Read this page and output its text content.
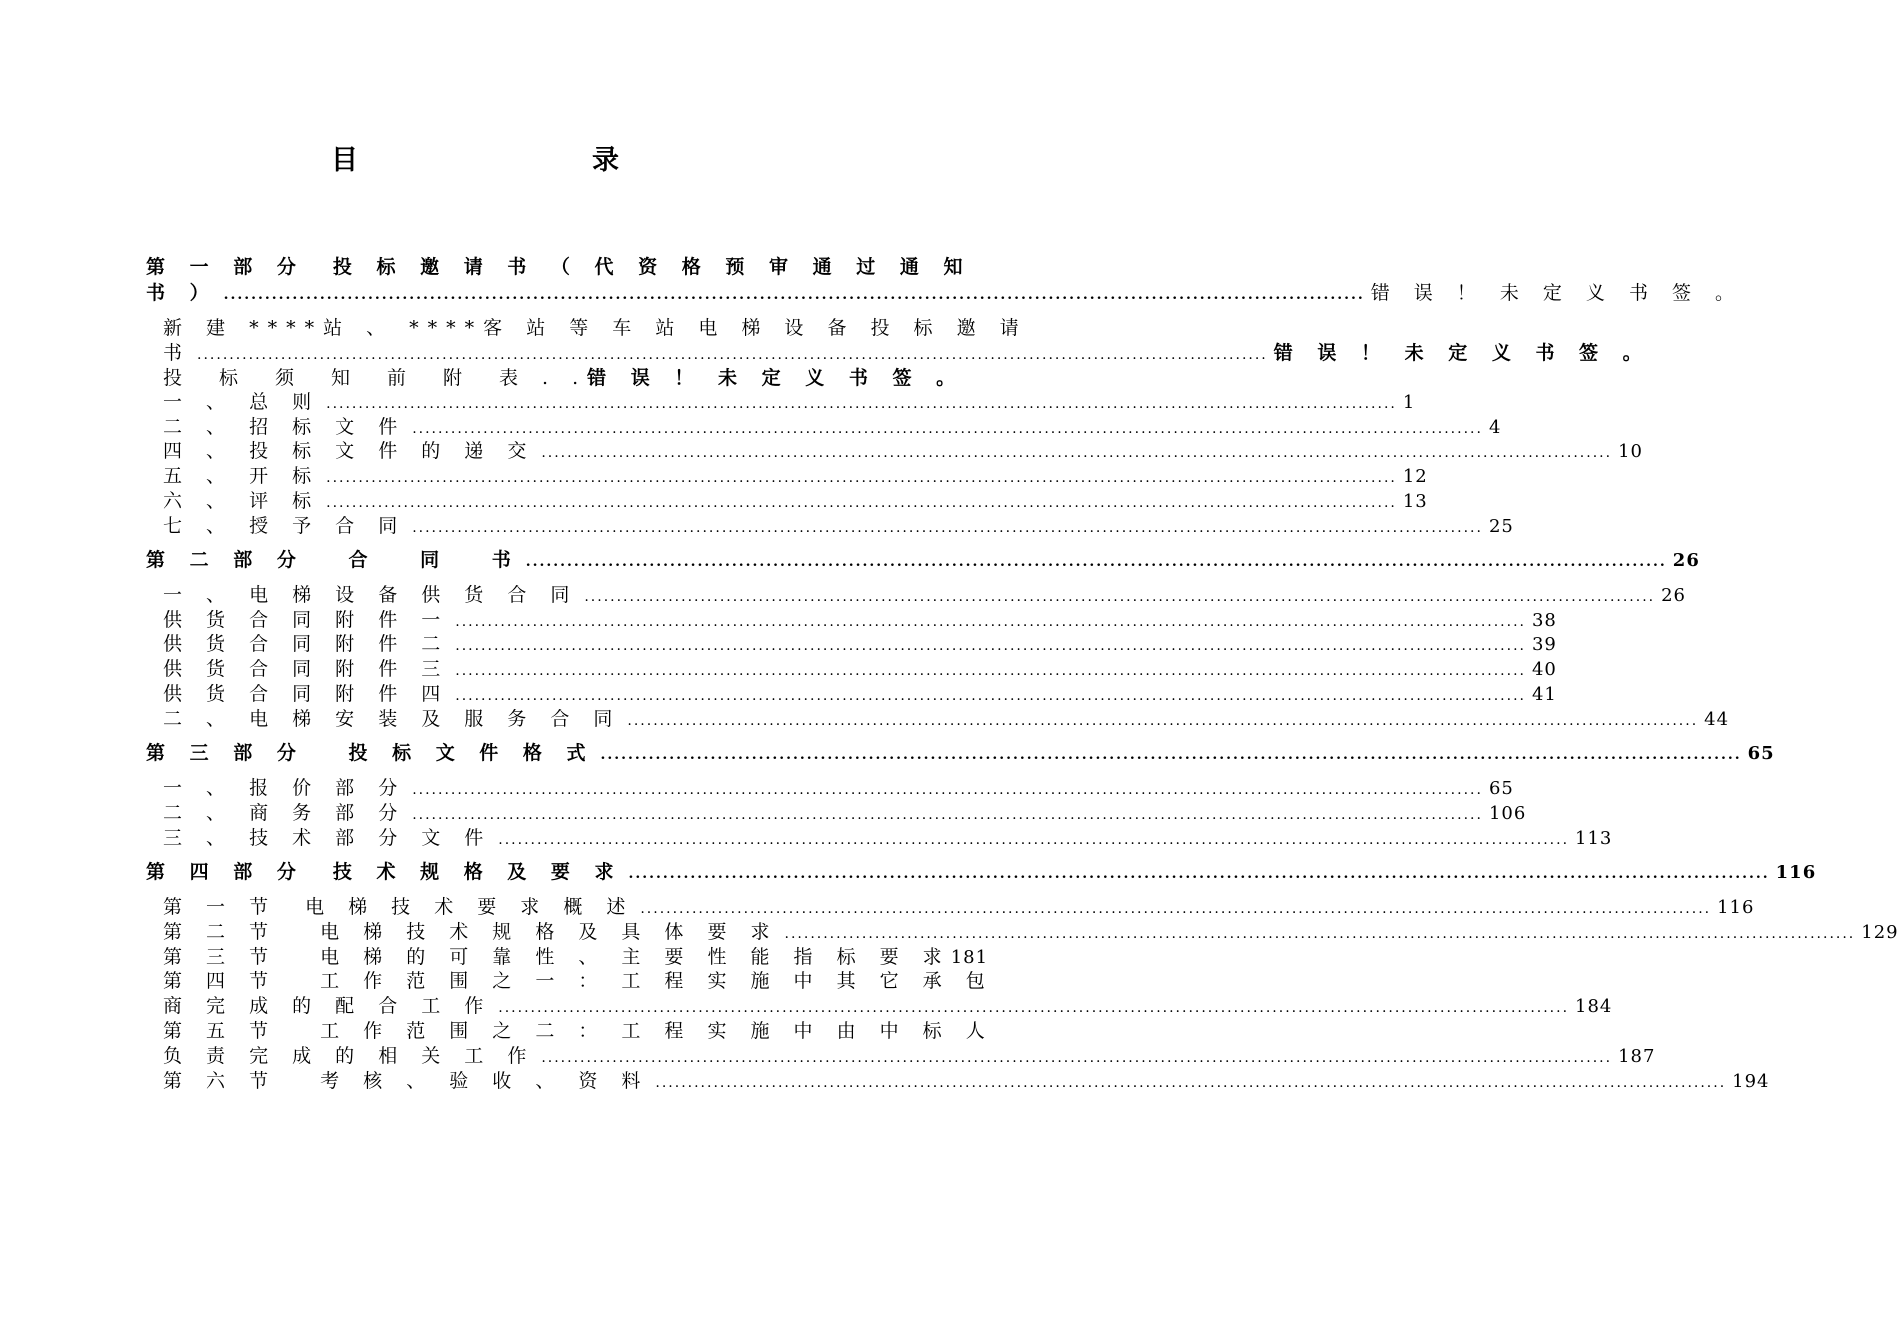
目　　录
第 一 部 分　投 标 邀 请 书 （ 代 资 格 预 审 通 过 通 知
书 ） .....	错 误 ！ 未 定 义 书 签 。
新 建 ****站 、 ****客 站 等 车 站 电 梯 设 备 投 标 邀 请
书 .....	错 误 ！ 未 定 义 书 签 。
投　标　须　知　前　附　表 . . 错 误 ！ 未 定 义 书 签 。
一 、 总 则 .....	1
二 、 招 标 文 件 .....	4
四 、 投 标 文 件 的 递 交 .....	10
五 、 开 标 .....	12
六 、 评 标 .....	13
七 、 授 予 合 同 .....	25
第 二 部 分　 合　 同　 书 .....	26
一 、 电 梯 设 备 供 货 合 同 .....	26
供 货 合 同 附 件 一 .....	38
供 货 合 同 附 件 二 .....	39
供 货 合 同 附 件 三 .....	40
供 货 合 同 附 件 四 .....	41
二 、 电 梯 安 装 及 服 务 合 同 .....	44
第 三 部 分　 投 标 文 件 格 式 .....	65
一 、 报 价 部 分 .....	65
二 、 商 务 部 分 .....	106
三 、 技 术 部 分 文 件 .....	113
第 四 部 分　技 术 规 格 及 要 求 .....	116
第 一 节　电 梯 技 术 要 求 概 述 .....	116
第 二 节　 电 梯 技 术 规 格 及 具 体 要 求 .....	129
第 三 节　 电 梯 的 可 靠 性 、 主 要 性 能 指 标 要 求 181
第 四 节　 工 作 范 围 之 一 ： 工 程 实 施 中 其 它 承 包
商 完 成 的 配 合 工 作 .....	184
第 五 节　 工 作 范 围 之 二 ： 工 程 实 施 中 由 中 标 人
负 责 完 成 的 相 关 工 作 .....	187
第 六 节　 考 核 、 验 收 、 资 料 .....	194
